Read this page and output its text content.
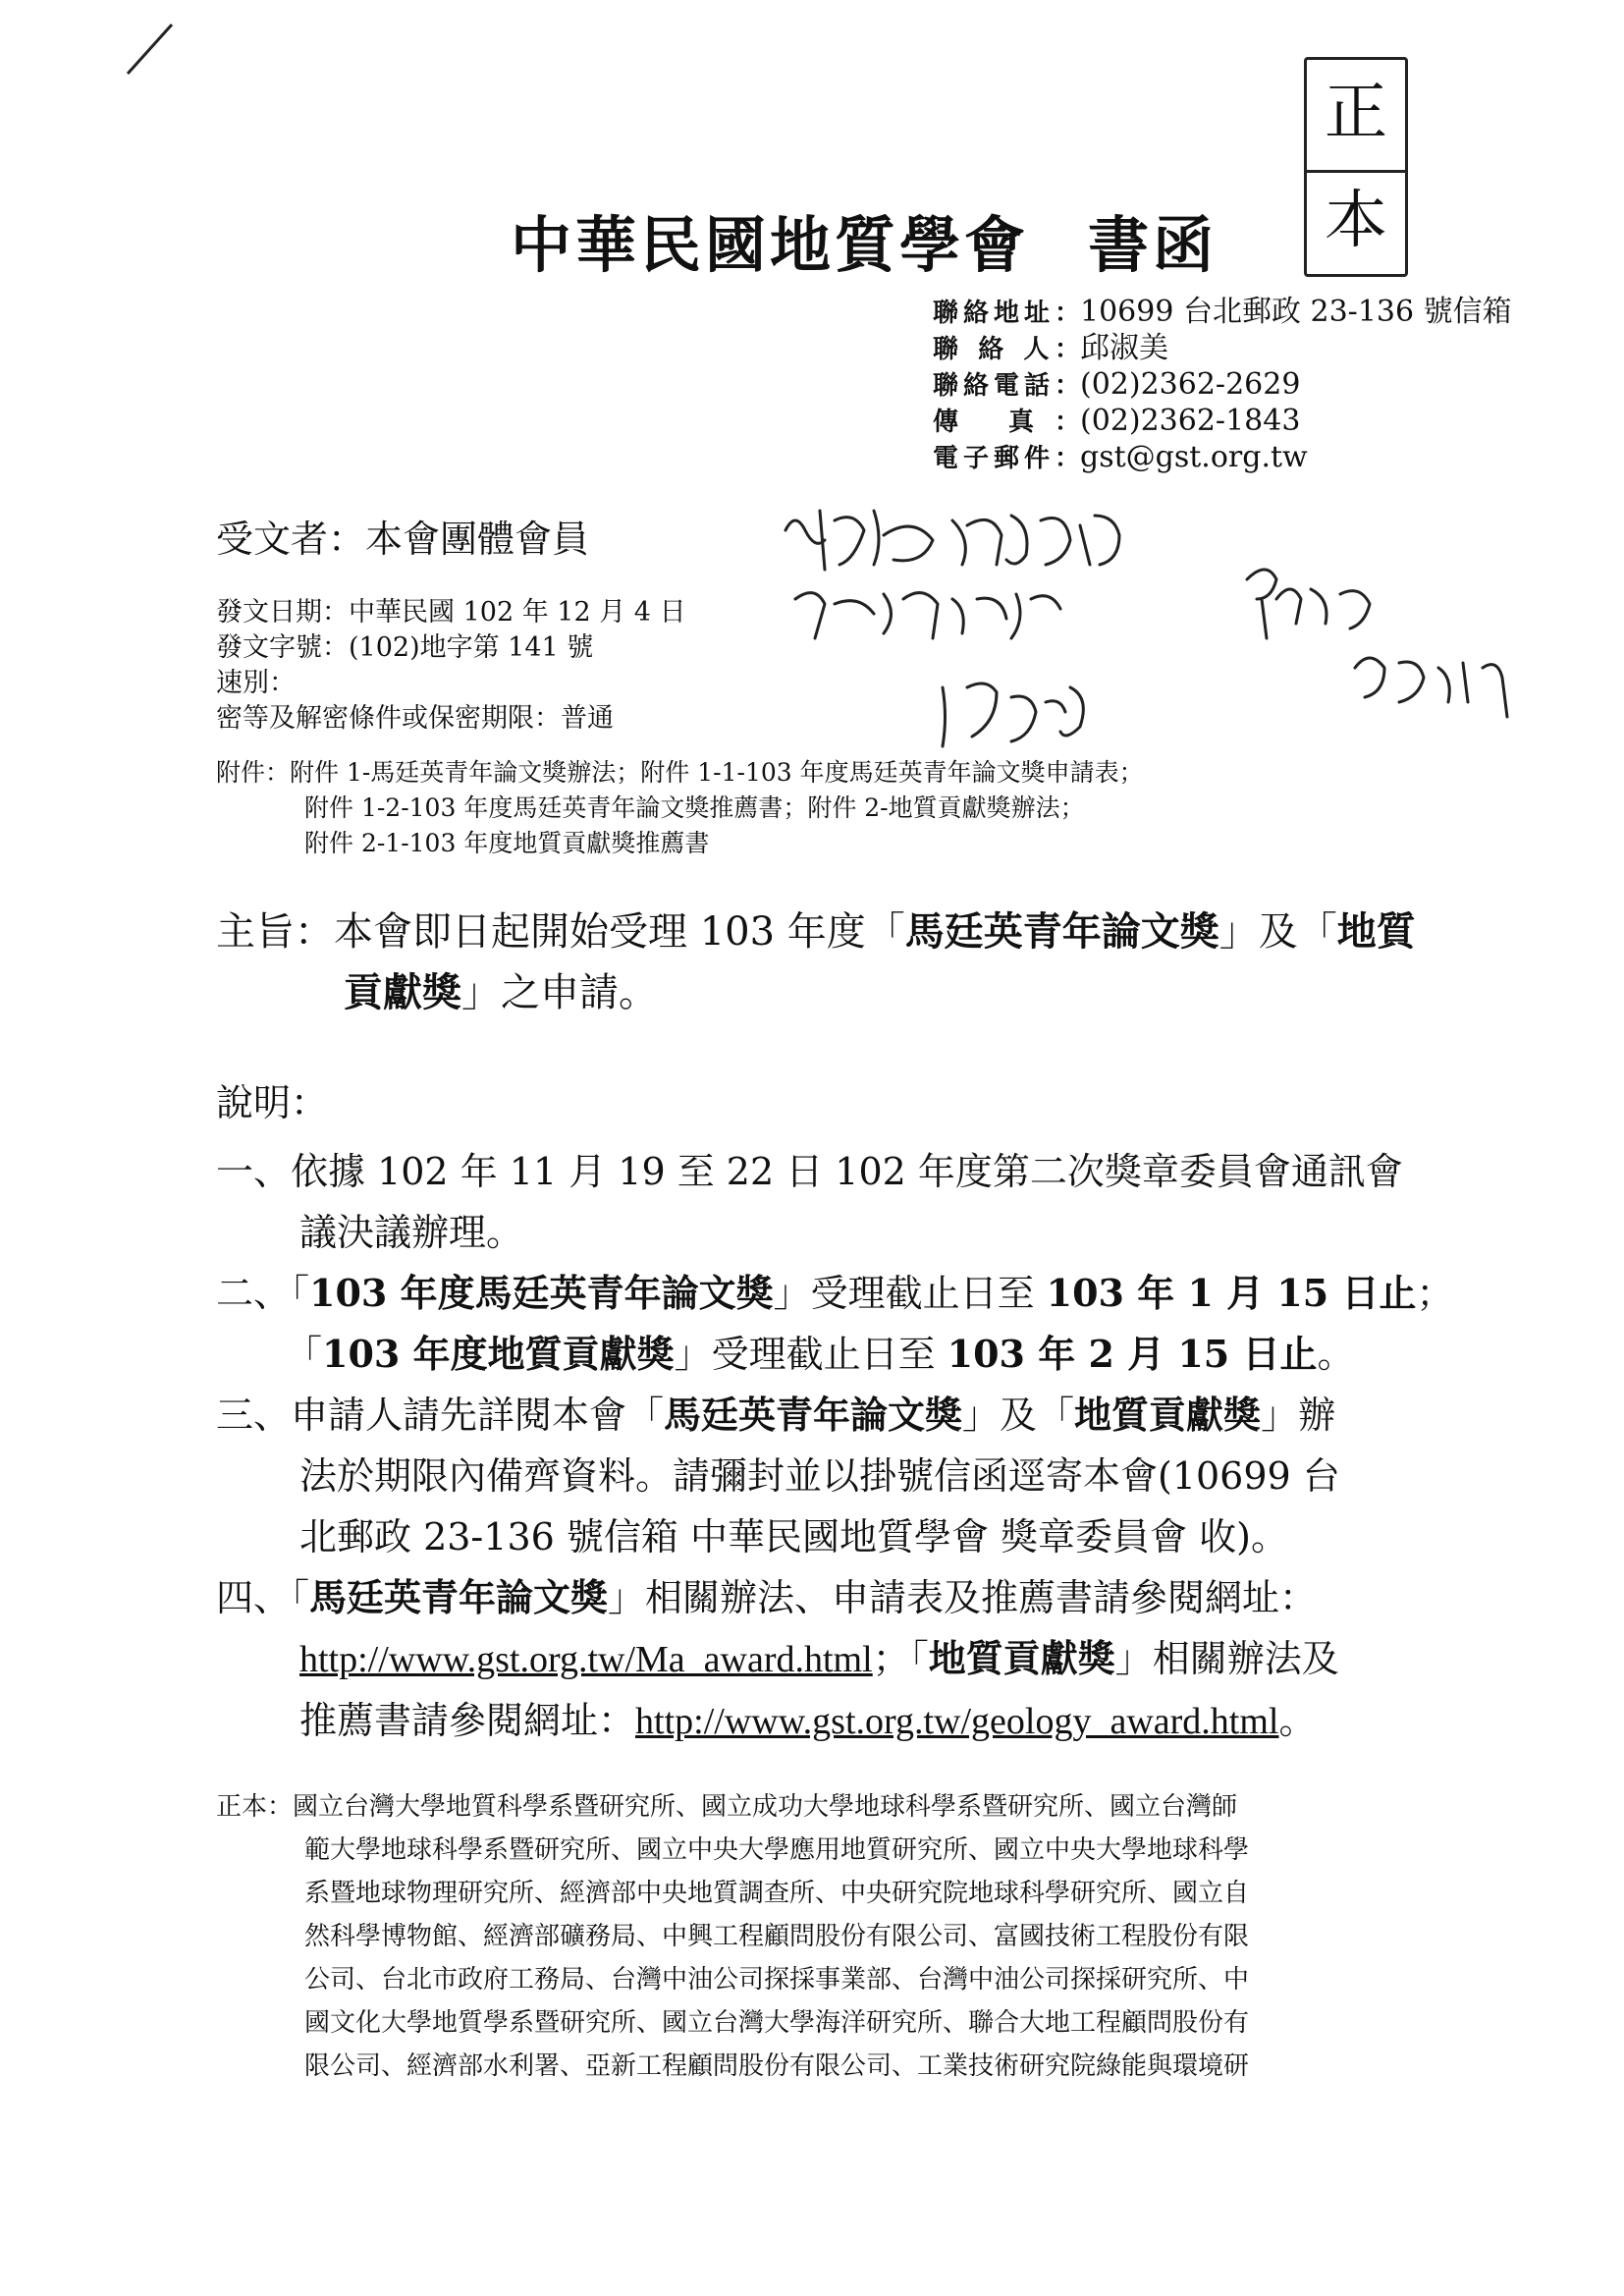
正
本
中華民國地質學會 書函
聯絡地址：10699 台北郵政 23-136 號信箱
聯 絡 人：邱淑美
聯絡電話：(02)2362-2629
傳 真：(02)2362-1843
電子郵件：gst@gst.org.tw
受文者：本會團體會員
發文日期：中華民國 102 年 12 月 4 日
發文字號：(102)地字第 141 號
速別：
密等及解密條件或保密期限：普通
附件：附件 1-馬廷英青年論文獎辦法；附件 1-1-103 年度馬廷英青年論文獎申請表；
附件 1-2-103 年度馬廷英青年論文獎推薦書；附件 2-地質貢獻獎辦法；
附件 2-1-103 年度地質貢獻獎推薦書
主旨：本會即日起開始受理 103 年度「馬廷英青年論文獎」及「地質
貢獻獎」之申請。
說明：
一、依據 102 年 11 月 19 至 22 日 102 年度第二次獎章委員會通訊會
議決議辦理。
二、「103 年度馬廷英青年論文獎」受理截止日至 103 年 1 月 15 日止；
「103 年度地質貢獻獎」受理截止日至 103 年 2 月 15 日止。
三、申請人請先詳閱本會「馬廷英青年論文獎」及「地質貢獻獎」辦
法於期限內備齊資料。請彌封並以掛號信函逕寄本會(10699 台
北郵政 23-136 號信箱 中華民國地質學會 獎章委員會 收)。
四、「馬廷英青年論文獎」相關辦法、申請表及推薦書請參閱網址：
http://www.gst.org.tw/Ma_award.html；「地質貢獻獎」相關辦法及
推薦書請參閱網址：http://www.gst.org.tw/geology_award.html。
正本：國立台灣大學地質科學系暨研究所、國立成功大學地球科學系暨研究所、國立台灣師
範大學地球科學系暨研究所、國立中央大學應用地質研究所、國立中央大學地球科學
系暨地球物理研究所、經濟部中央地質調查所、中央研究院地球科學研究所、國立自
然科學博物館、經濟部礦務局、中興工程顧問股份有限公司、富國技術工程股份有限
公司、台北市政府工務局、台灣中油公司探採事業部、台灣中油公司探採研究所、中
國文化大學地質學系暨研究所、國立台灣大學海洋研究所、聯合大地工程顧問股份有
限公司、經濟部水利署、亞新工程顧問股份有限公司、工業技術研究院綠能與環境研
